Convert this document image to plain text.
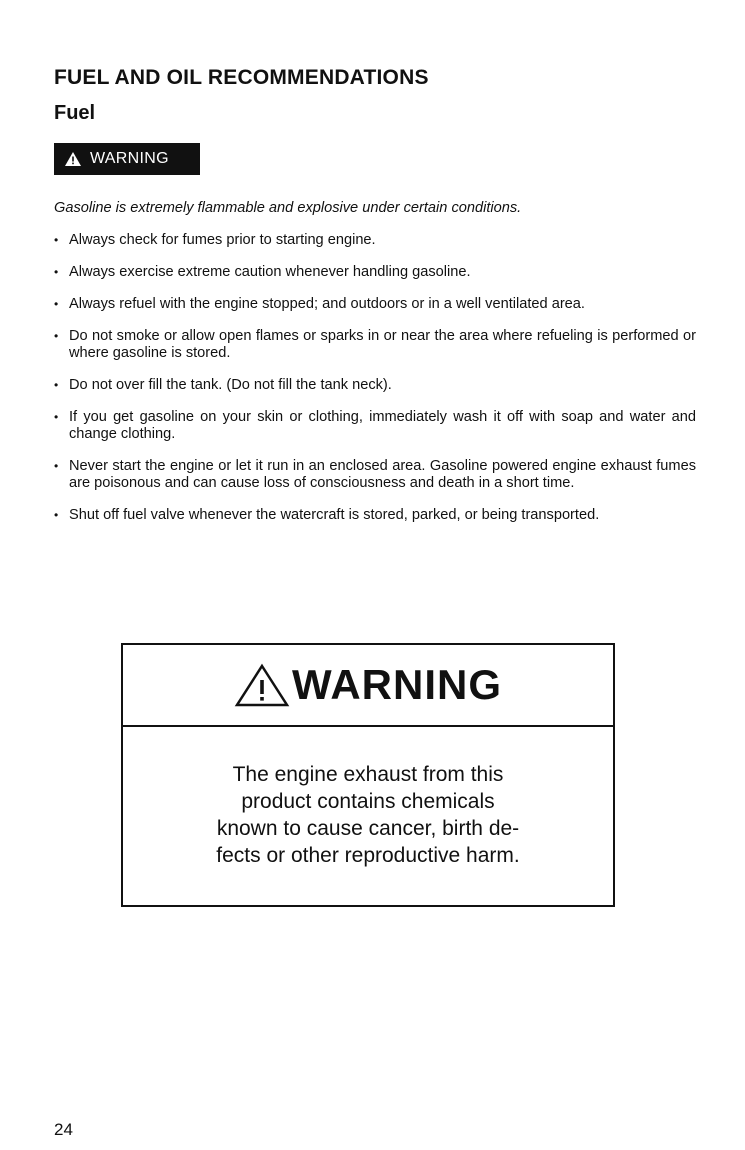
FUEL AND OIL RECOMMENDATIONS
Fuel
WARNING
Gasoline is extremely flammable and explosive under certain conditions.
• Always check for fumes prior to starting engine.
• Always exercise extreme caution whenever handling gasoline.
• Always refuel with the engine stopped; and outdoors or in a well ventilated area.
• Do not smoke or allow open flames or sparks in or near the area where refueling is performed or where gasoline is stored.
• Do not over fill the tank. (Do not fill the tank neck).
• If you get gasoline on your skin or clothing, immediately wash it off with soap and water and change clothing.
• Never start the engine or let it run in an enclosed area. Gasoline powered engine exhaust fumes are poisonous and can cause loss of consciousness and death in a short time.
• Shut off fuel valve whenever the watercraft is stored, parked, or being transported.
WARNING
The engine exhaust from this
product contains chemicals
known to cause cancer, birth de-
fects or other reproductive harm.
24
